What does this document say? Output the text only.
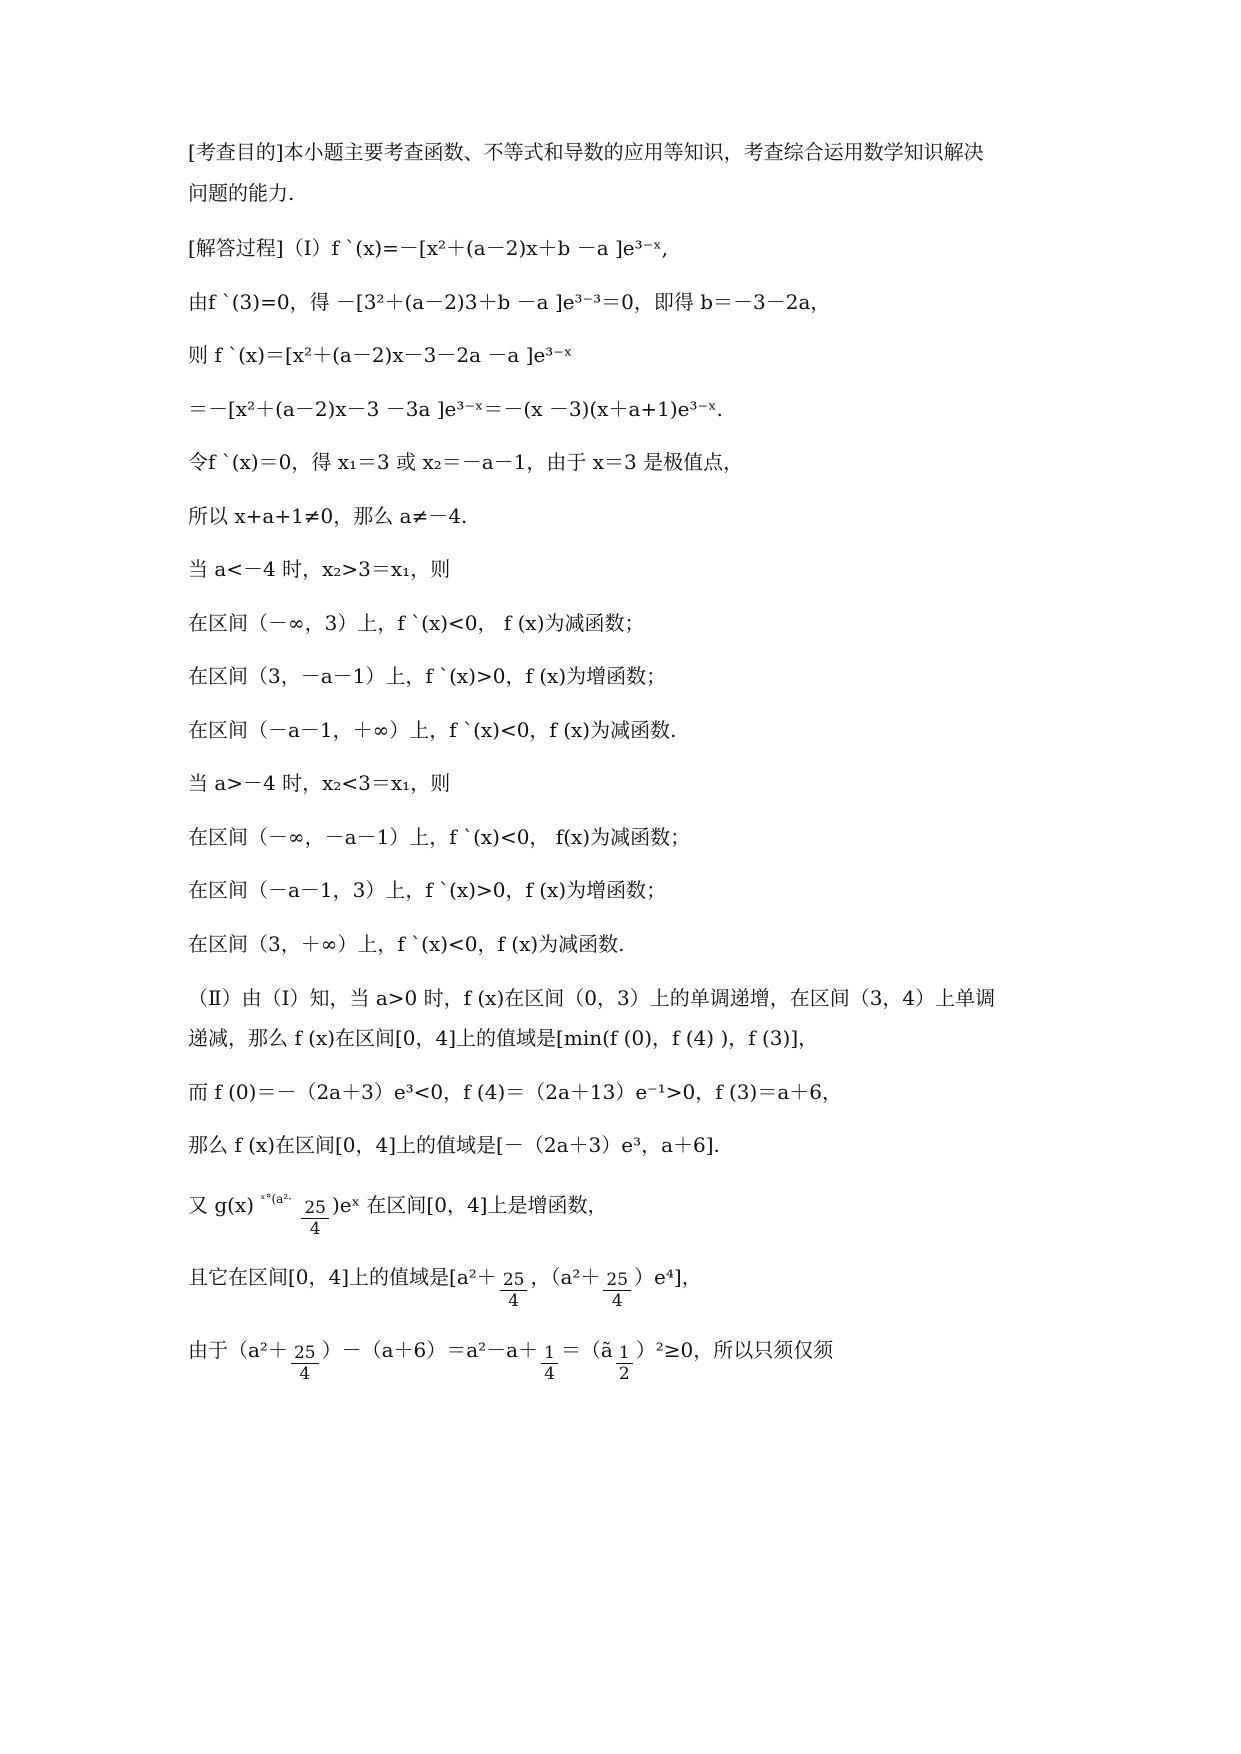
[考查目的]本小题主要考查函数、不等式和导数的应用等知识，考查综合运用数学知识解决
问题的能力.
[解答过程]（Ⅰ）f `(x)=－[x²＋(a－2)x＋b －a ]e³⁻ˣ,
由f `(3)=0，得 －[3²＋(a－2)3＋b －a ]e³⁻³＝0，即得 b＝－3－2a，
则 f `(x)＝[x²＋(a－2)x－3－2a －a ]e³⁻ˣ
＝－[x²＋(a－2)x－3 －3a ]e³⁻ˣ＝－(x －3)(x＋a+1)e³⁻ˣ.
令f `(x)＝0，得 x₁＝3 或 x₂＝－a－1，由于 x＝3 是极值点，
所以 x+a+1≠0，那么 a≠－4.
当 a<－4 时，x₂>3＝x₁，则
在区间（－∞，3）上，f `(x)<0， f (x)为减函数；
在区间（3，－a－1）上，f `(x)>0，f (x)为增函数；
在区间（－a－1，＋∞）上，f `(x)<0，f (x)为减函数.
当 a>－4 时，x₂<3＝x₁，则
在区间（－∞，－a－1）上，f `(x)<0， f(x)为减函数；
在区间（－a－1，3）上，f `(x)>0，f (x)为增函数；
在区间（3，＋∞）上，f `(x)<0，f (x)为减函数.
（Ⅱ）由（Ⅰ）知，当 a>0 时，f (x)在区间（0，3）上的单调递增，在区间（3，4）上单调
递减，那么 f (x)在区间[0，4]上的值域是[min(f (0)，f (4) )，f (3)]，
而 f (0)＝－（2a＋3）e³<0，f (4)＝（2a＋13）e⁻¹>0，f (3)＝a＋6，
那么 f (x)在区间[0，4]上的值域是[－（2a＋3）e³，a＋6].
又 g(x) $^{ˣ^\circ(a^2\cdot} \frac{25}{4}$ )eˣ 在区间[0，4]上是增函数，
且它在区间[0，4]上的值域是[$a^2+ \frac{25}{4}$ ，$(a^2+ \frac{25}{4} )e^4$]，
由于$(a^2+ \frac{25}{4} )-(a+6)=a^2-a+ \frac{1}{4}$ ＝（ã $\frac{1}{2} )^2\ge 0$，所以只须仅须
